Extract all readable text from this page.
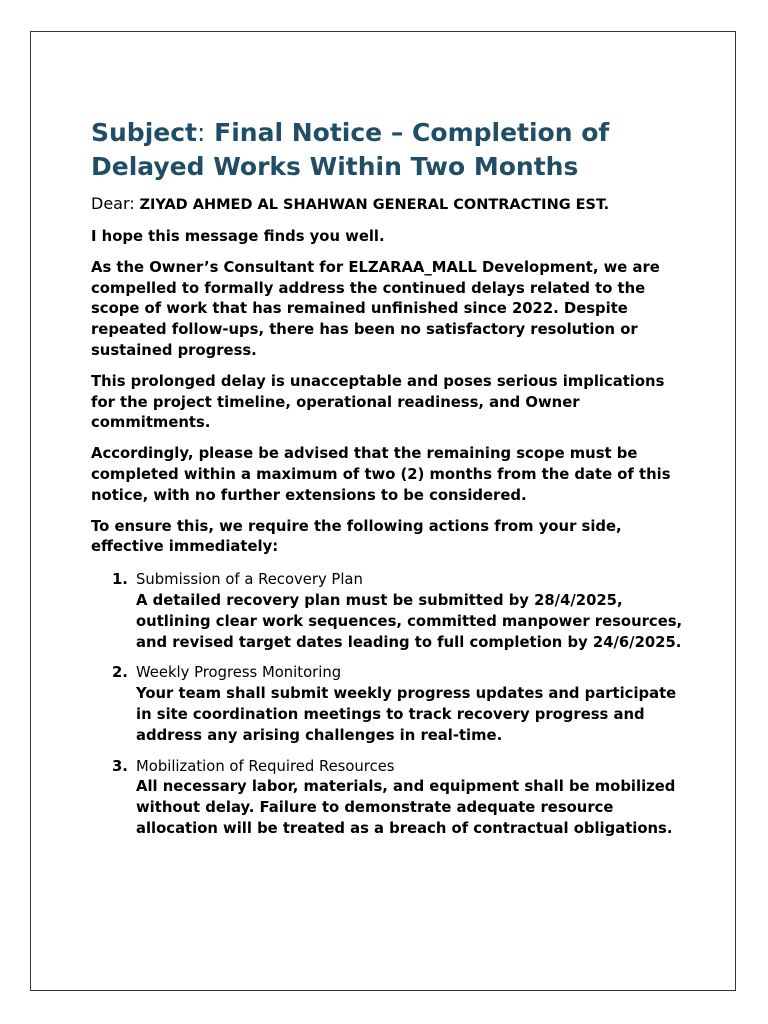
Subject: Final Notice – Completion of Delayed Works Within Two Months

Dear: ZIYAD AHMED AL SHAHWAN GENERAL CONTRACTING EST.

I hope this message finds you well.

As the Owner’s Consultant for ELZARAA_MALL Development, we are compelled to formally address the continued delays related to the scope of work that has remained unfinished since 2022. Despite repeated follow-ups, there has been no satisfactory resolution or sustained progress.

This prolonged delay is unacceptable and poses serious implications for the project timeline, operational readiness, and Owner commitments.

Accordingly, please be advised that the remaining scope must be completed within a maximum of two (2) months from the date of this notice, with no further extensions to be considered.

To ensure this, we require the following actions from your side, effective immediately:

1. Submission of a Recovery Plan
A detailed recovery plan must be submitted by 28/4/2025, outlining clear work sequences, committed manpower resources, and revised target dates leading to full completion by 24/6/2025.
2. Weekly Progress Monitoring
Your team shall submit weekly progress updates and participate in site coordination meetings to track recovery progress and address any arising challenges in real-time.
3. Mobilization of Required Resources
All necessary labor, materials, and equipment shall be mobilized without delay. Failure to demonstrate adequate resource allocation will be treated as a breach of contractual obligations.
